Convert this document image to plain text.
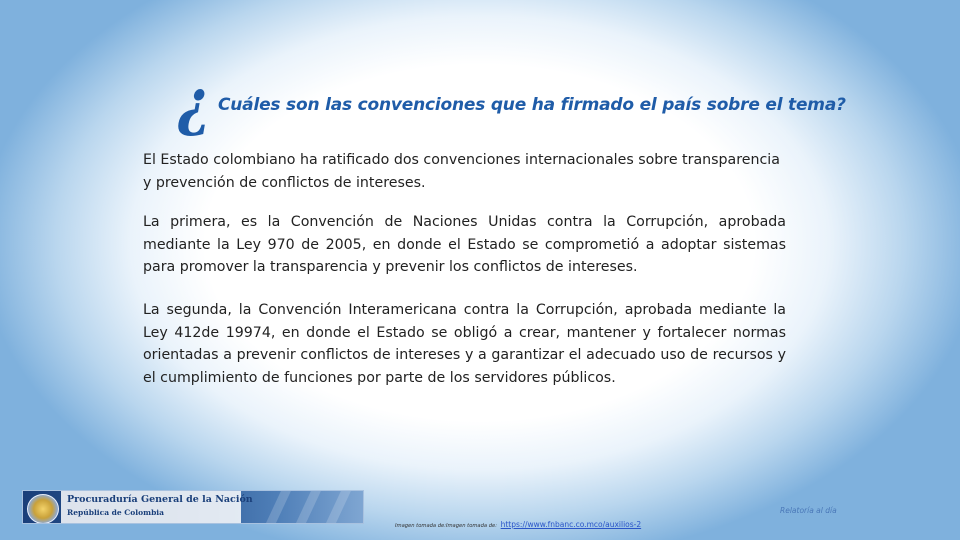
¿ Cuáles son las convenciones que ha firmado el país sobre el tema?

El Estado colombiano ha ratificado dos convenciones internacionales sobre transparencia y prevención de conflictos de intereses.

La primera, es la Convención de Naciones Unidas contra la Corrupción, aprobada mediante la Ley 970 de 2005, en donde el Estado se comprometió a adoptar sistemas para promover la transparencia y prevenir los conflictos de intereses.

La segunda, la Convención Interamericana contra la Corrupción, aprobada mediante la Ley 412de 19974, en donde el Estado se obligó a crear, mantener y fortalecer normas orientadas a prevenir conflictos de intereses y a garantizar el adecuado uso de recursos y el cumplimiento de funciones por parte de los servidores públicos.

Procuraduría General de la Nación
República de Colombia
Imagen tomada de:Imagen tomada de: https://www.fnbanc.co.mco/auxilios-2
Relatoría al día
